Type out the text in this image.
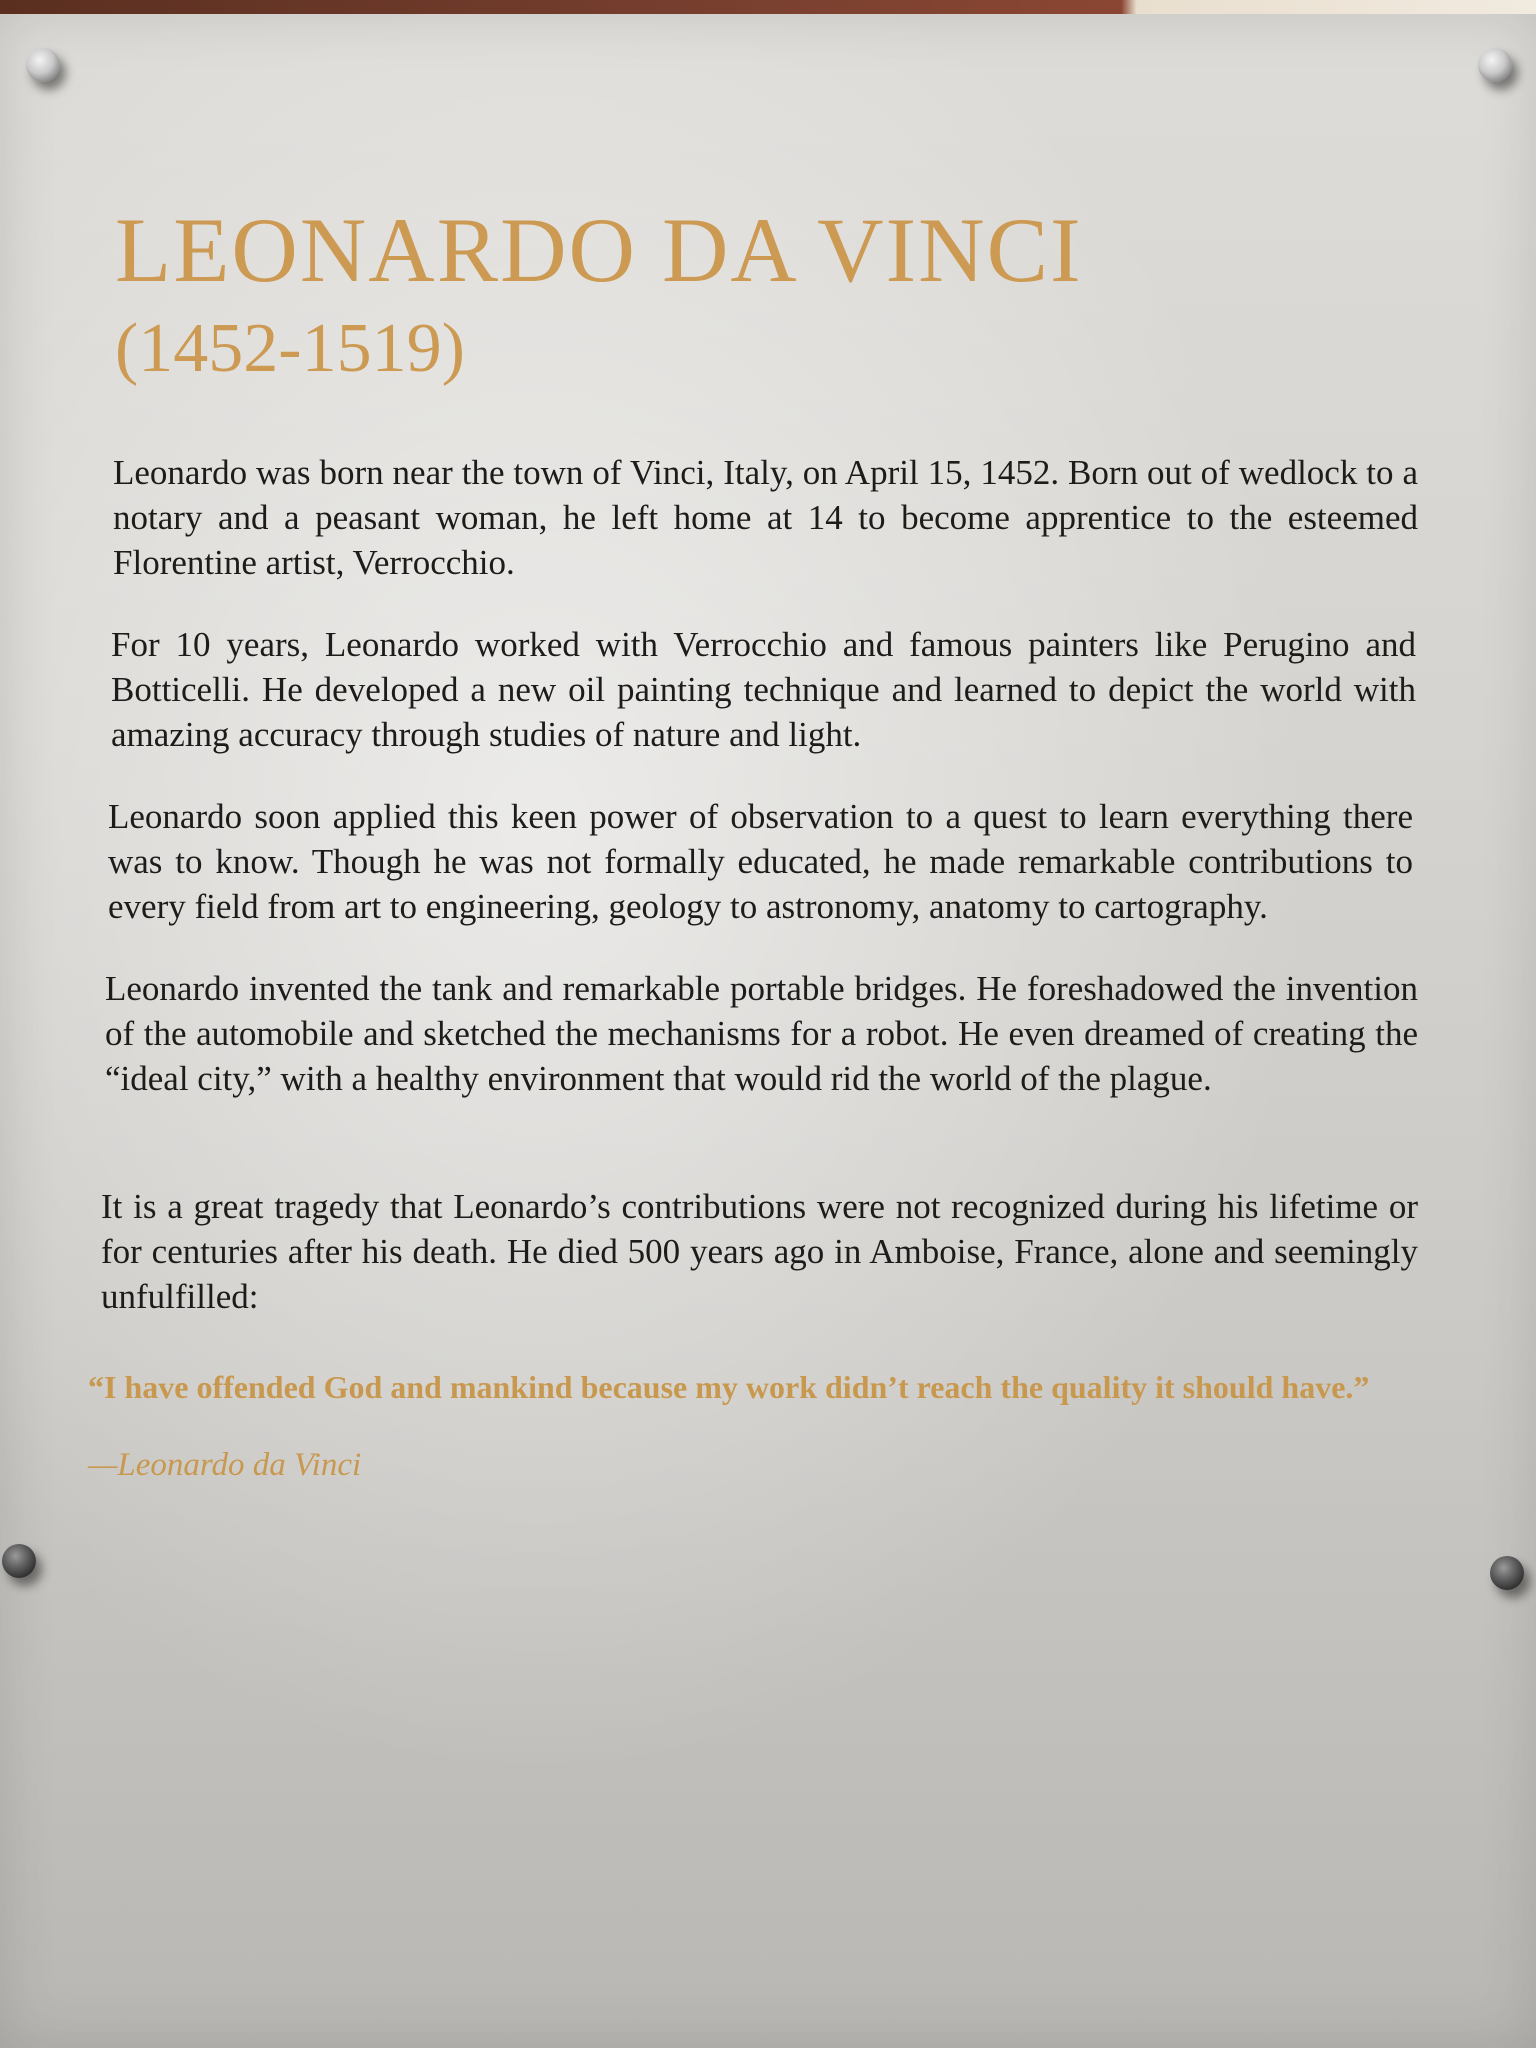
LEONARDO DA VINCI
(1452-1519)

Leonardo was born near the town of Vinci, Italy, on April 15, 1452. Born out of wedlock to a notary and a peasant woman, he left home at 14 to become apprentice to the esteemed Florentine artist, Verrocchio.

For 10 years, Leonardo worked with Verrocchio and famous painters like Perugino and Botticelli. He developed a new oil painting technique and learned to depict the world with amazing accuracy through studies of nature and light.

Leonardo soon applied this keen power of observation to a quest to learn everything there was to know. Though he was not formally educated, he made remarkable contributions to every field from art to engineering, geology to astronomy, anatomy to cartography.

Leonardo invented the tank and remarkable portable bridges. He foreshadowed the invention of the automobile and sketched the mechanisms for a robot. He even dreamed of creating the “ideal city,” with a healthy environment that would rid the world of the plague.

It is a great tragedy that Leonardo’s contributions were not recognized during his lifetime or for centuries after his death. He died 500 years ago in Amboise, France, alone and seemingly unfulfilled:

“I have offended God and mankind because my work didn’t reach the quality it should have.”

—Leonardo da Vinci
